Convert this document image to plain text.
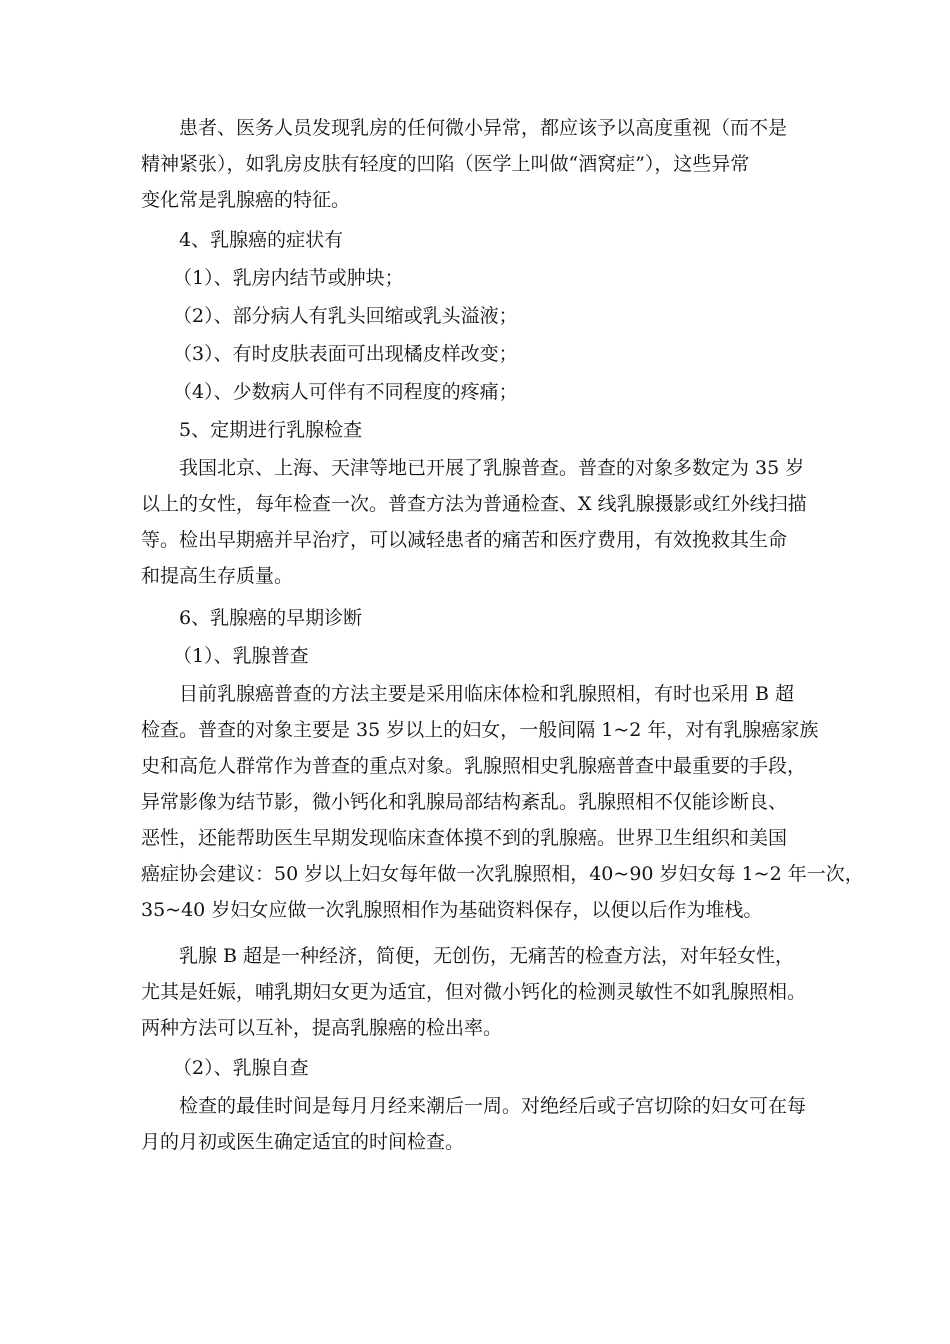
患者、医务人员发现乳房的任何微小异常，都应该予以高度重视（而不是
精神紧张），如乳房皮肤有轻度的凹陷（医学上叫做“酒窝症”），这些异常
变化常是乳腺癌的特征。

4、乳腺癌的症状有

（1）、乳房内结节或肿块；

（2）、部分病人有乳头回缩或乳头溢液；

（3）、有时皮肤表面可出现橘皮样改变；

（4）、少数病人可伴有不同程度的疼痛；

5、定期进行乳腺检查

我国北京、上海、天津等地已开展了乳腺普查。普查的对象多数定为 35 岁
以上的女性，每年检查一次。普查方法为普通检查、X 线乳腺摄影或红外线扫描
等。检出早期癌并早治疗，可以减轻患者的痛苦和医疗费用，有效挽救其生命
和提高生存质量。

6、乳腺癌的早期诊断

（1）、乳腺普查

目前乳腺癌普查的方法主要是采用临床体检和乳腺照相，有时也采用 B 超
检查。普查的对象主要是 35 岁以上的妇女，一般间隔 1~2 年，对有乳腺癌家族
史和高危人群常作为普查的重点对象。乳腺照相史乳腺癌普查中最重要的手段，
异常影像为结节影，微小钙化和乳腺局部结构紊乱。乳腺照相不仅能诊断良、
恶性，还能帮助医生早期发现临床查体摸不到的乳腺癌。世界卫生组织和美国
癌症协会建议：50 岁以上妇女每年做一次乳腺照相，40~90 岁妇女每 1~2 年一次，
35~40 岁妇女应做一次乳腺照相作为基础资料保存，以便以后作为堆栈。

乳腺 B 超是一种经济，简便，无创伤，无痛苦的检查方法，对年轻女性，
尤其是妊娠，哺乳期妇女更为适宜，但对微小钙化的检测灵敏性不如乳腺照相。
两种方法可以互补，提高乳腺癌的检出率。

（2）、乳腺自查

检查的最佳时间是每月月经来潮后一周。对绝经后或子宫切除的妇女可在每
月的月初或医生确定适宜的时间检查。
